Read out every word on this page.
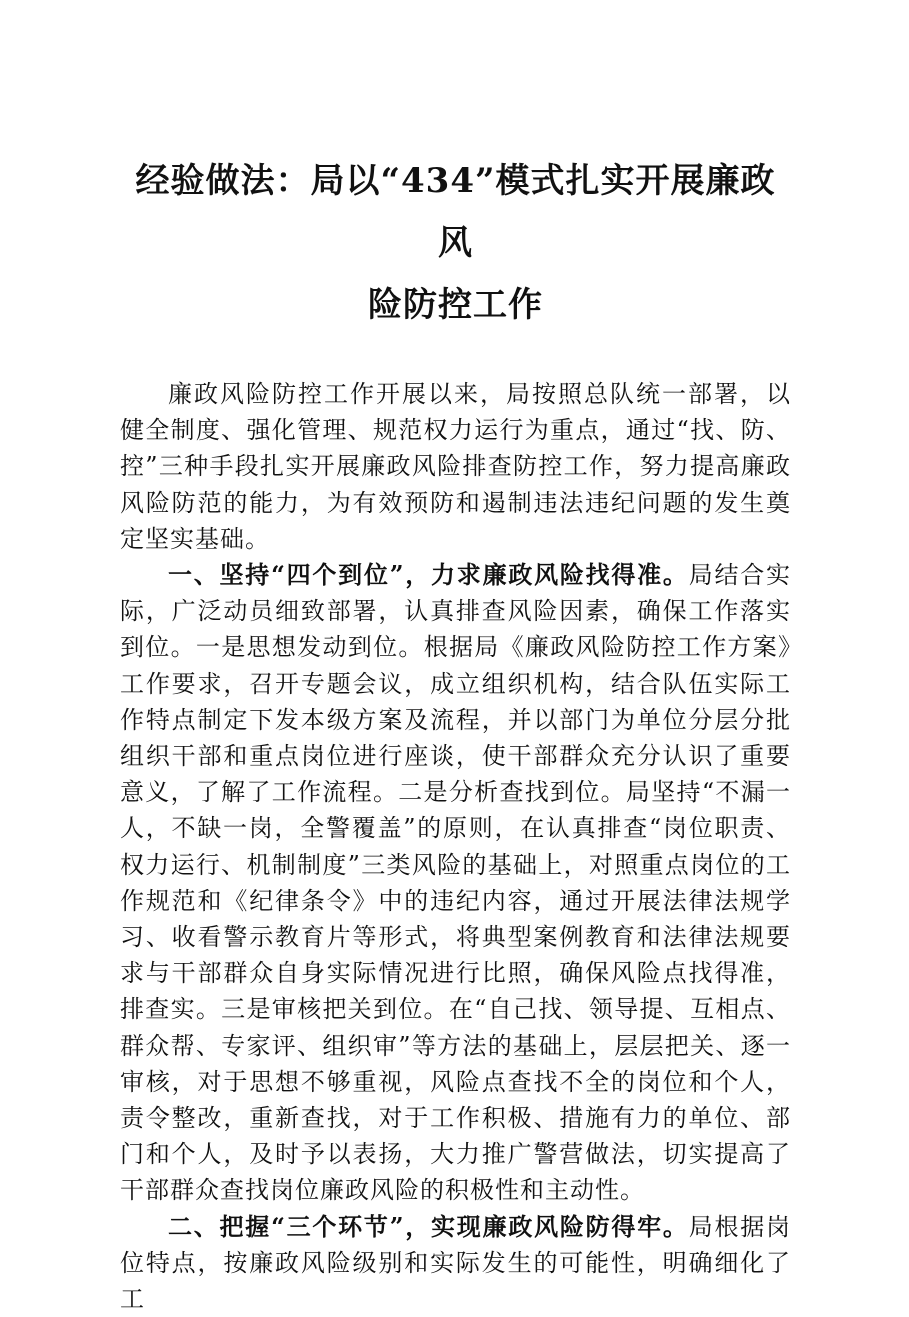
经验做法：局以“434”模式扎实开展廉政风
险防控工作

廉政风险防控工作开展以来，局按照总队统一部署，以健全制度、强化管理、规范权力运行为重点，通过“找、防、控”三种手段扎实开展廉政风险排查防控工作，努力提高廉政风险防范的能力，为有效预防和遏制违法违纪问题的发生奠定坚实基础。

一、坚持“四个到位”，力求廉政风险找得准。局结合实际，广泛动员细致部署，认真排查风险因素，确保工作落实到位。一是思想发动到位。根据局《廉政风险防控工作方案》工作要求，召开专题会议，成立组织机构，结合队伍实际工作特点制定下发本级方案及流程，并以部门为单位分层分批组织干部和重点岗位进行座谈，使干部群众充分认识了重要意义，了解了工作流程。二是分析查找到位。局坚持“不漏一人，不缺一岗，全警覆盖”的原则，在认真排查“岗位职责、权力运行、机制制度”三类风险的基础上，对照重点岗位的工作规范和《纪律条令》中的违纪内容，通过开展法律法规学习、收看警示教育片等形式，将典型案例教育和法律法规要求与干部群众自身实际情况进行比照，确保风险点找得准，排查实。三是审核把关到位。在“自己找、领导提、互相点、群众帮、专家评、组织审”等方法的基础上，层层把关、逐一审核，对于思想不够重视，风险点查找不全的岗位和个人，责令整改，重新查找，对于工作积极、措施有力的单位、部门和个人，及时予以表扬，大力推广警营做法，切实提高了干部群众查找岗位廉政风险的积极性和主动性。

二、把握“三个环节”，实现廉政风险防得牢。局根据岗位特点，按廉政风险级别和实际发生的可能性，明确细化了工
